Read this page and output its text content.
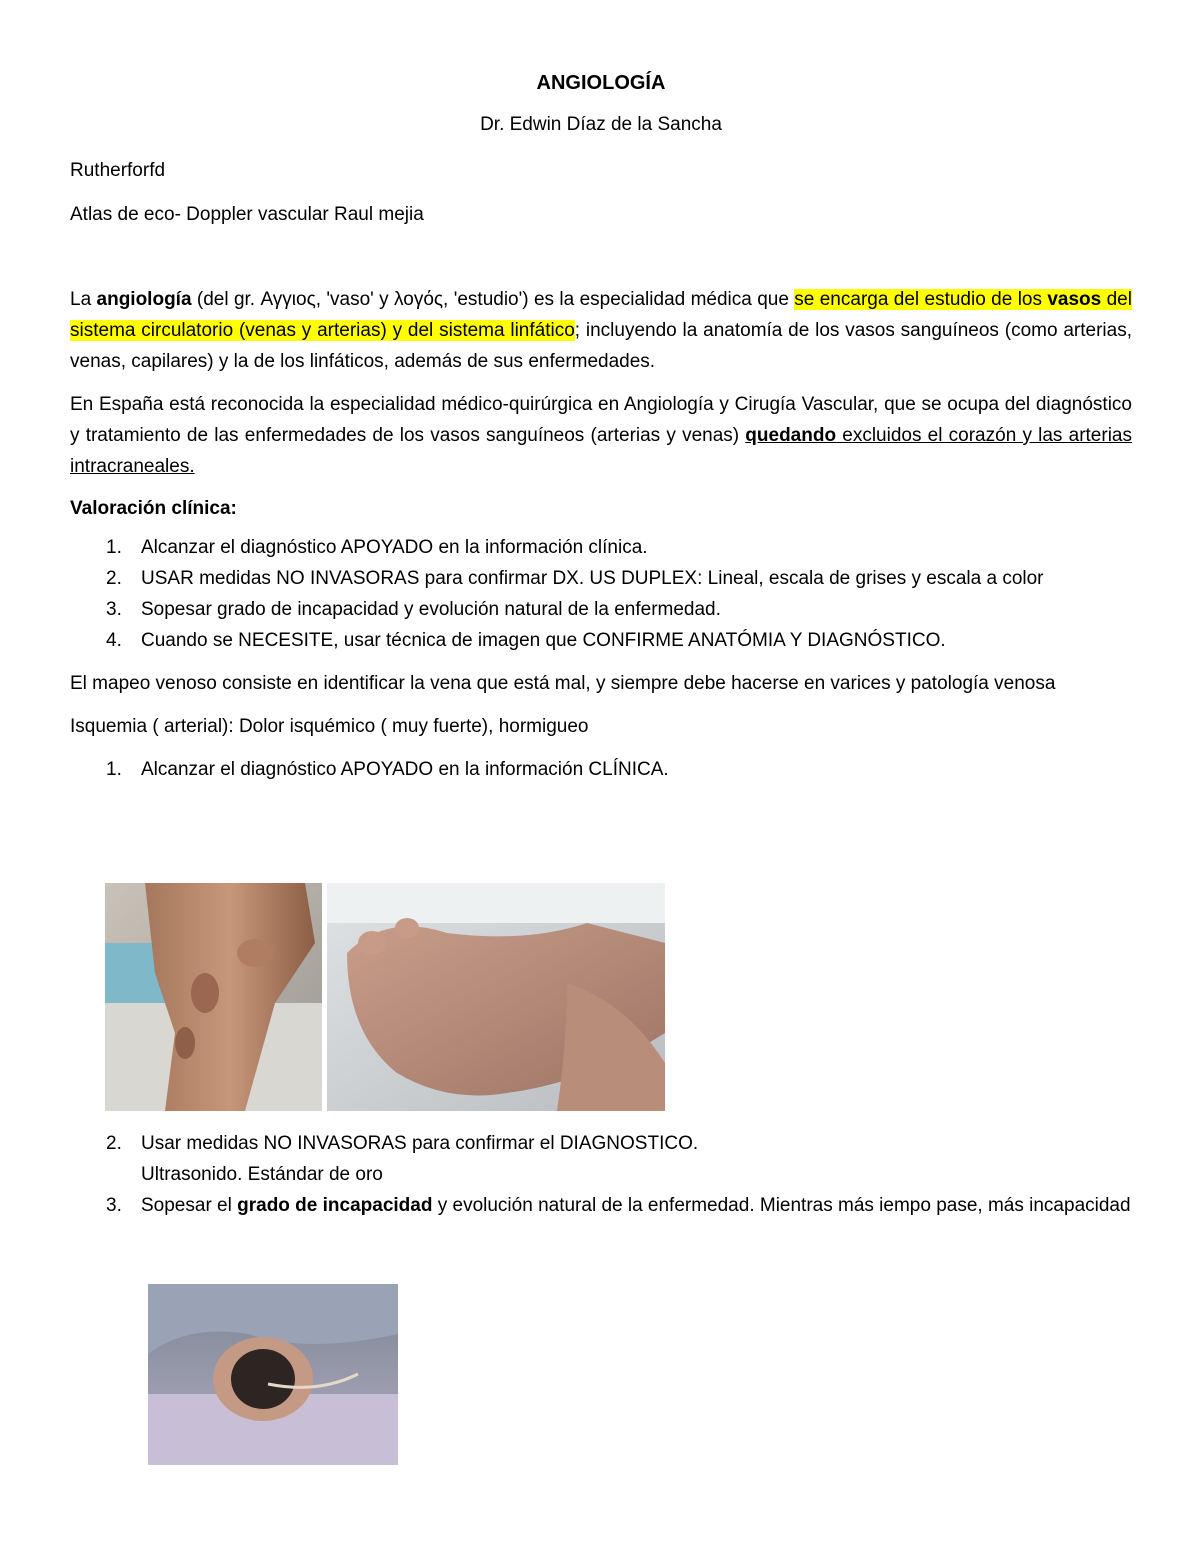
ANGIOLOGÍA

Dr. Edwin Díaz de la Sancha

Rutherforfd

Atlas de eco- Doppler vascular Raul mejia

La angiología (del gr. Αγγιος, 'vaso' y λογός, 'estudio') es la especialidad médica que se encarga del estudio de los vasos del sistema circulatorio (venas y arterias) y del sistema linfático; incluyendo la anatomía de los vasos sanguíneos (como arterias, venas, capilares) y la de los linfáticos, además de sus enfermedades.

En España está reconocida la especialidad médico-quirúrgica en Angiología y Cirugía Vascular, que se ocupa del diagnóstico y tratamiento de las enfermedades de los vasos sanguíneos (arterias y venas) quedando excluidos el corazón y las arterias intracraneales.

Valoración clínica:

1. Alcanzar el diagnóstico APOYADO en la información clínica.
2. USAR medidas NO INVASORAS para confirmar DX. US DUPLEX: Lineal, escala de grises y escala a color
3. Sopesar grado de incapacidad y evolución natural de la enfermedad.
4. Cuando se NECESITE, usar técnica de imagen que CONFIRME ANATÓMIA Y DIAGNÓSTICO.

El mapeo venoso consiste en identificar la vena que está mal, y siempre debe hacerse en varices y patología venosa

Isquemia ( arterial): Dolor isquémico ( muy fuerte), hormigueo

1. Alcanzar el diagnóstico APOYADO en la información CLÍNICA.
2. Usar medidas NO INVASORAS para confirmar el DIAGNOSTICO.
Ultrasonido. Estándar de oro
3. Sopesar el grado de incapacidad y evolución natural de la enfermedad. Mientras más iempo pase, más incapacidad
